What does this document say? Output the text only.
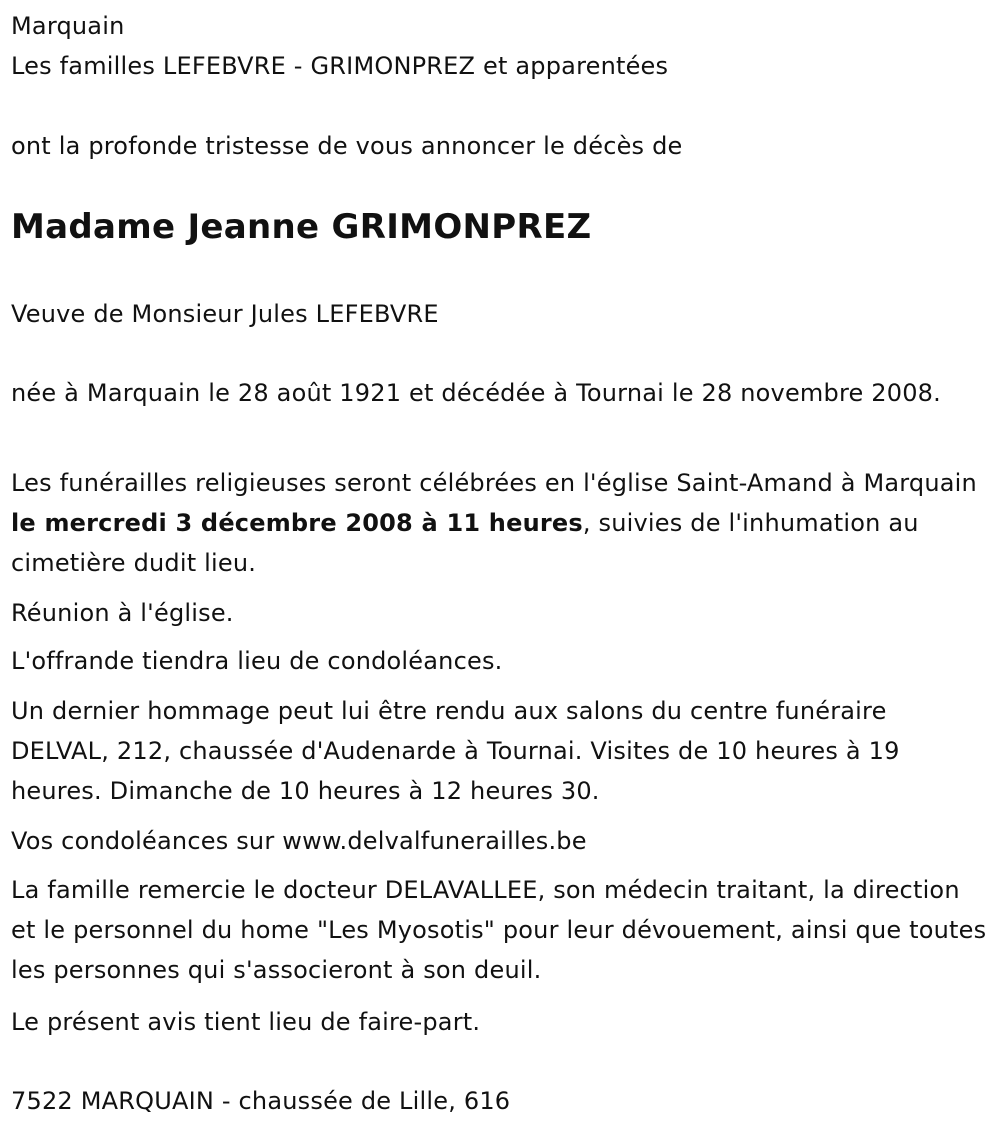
Marquain

Les familles LEFEBVRE - GRIMONPREZ et apparentées

ont la profonde tristesse de vous annoncer le décès de

Madame Jeanne GRIMONPREZ

Veuve de Monsieur Jules LEFEBVRE

née à Marquain le 28 août 1921 et décédée à Tournai le 28 novembre 2008.

Les funérailles religieuses seront célébrées en l'église Saint-Amand à Marquain le mercredi 3 décembre 2008 à 11 heures, suivies de l'inhumation au cimetière dudit lieu.

Réunion à l'église.

L'offrande tiendra lieu de condoléances.

Un dernier hommage peut lui être rendu aux salons du centre funéraire DELVAL, 212, chaussée d'Audenarde à Tournai. Visites de 10 heures à 19 heures. Dimanche de 10 heures à 12 heures 30.

Vos condoléances sur www.delvalfunerailles.be

La famille remercie le docteur DELAVALLEE, son médecin traitant, la direction et le personnel du home "Les Myosotis" pour leur dévouement, ainsi que toutes les personnes qui s'associeront à son deuil.

Le présent avis tient lieu de faire-part.

7522 MARQUAIN - chaussée de Lille, 616
